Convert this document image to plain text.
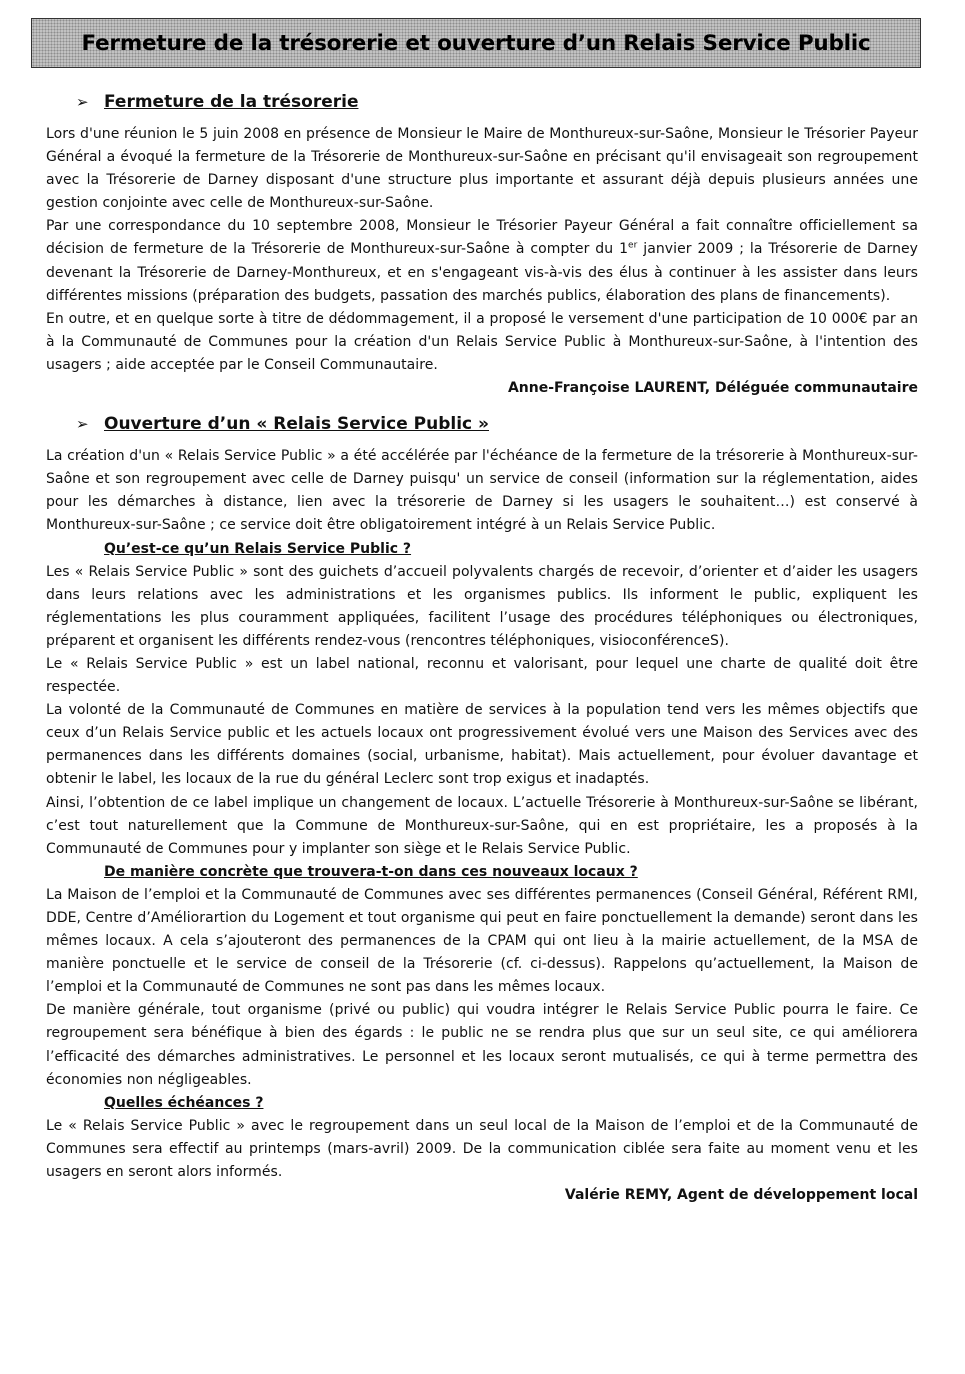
Fermeture de la trésorerie et ouverture d’un Relais Service Public
➢ Fermeture de la trésorerie

Lors d'une réunion le 5 juin 2008 en présence de Monsieur le Maire de Monthureux-sur-Saône, Monsieur le Trésorier Payeur Général a évoqué la fermeture de la Trésorerie de Monthureux-sur-Saône en précisant qu'il envisageait son regroupement avec la Trésorerie de Darney disposant d'une structure plus importante et assurant déjà depuis plusieurs années une gestion conjointe avec celle de Monthureux-sur-Saône.

Par une correspondance du 10 septembre 2008, Monsieur le Trésorier Payeur Général a fait connaître officiellement sa décision de fermeture de la Trésorerie de Monthureux-sur-Saône à compter du 1er janvier 2009 ; la Trésorerie de Darney devenant la Trésorerie de Darney-Monthureux, et en s'engageant vis-à-vis des élus à continuer à les assister dans leurs différentes missions (préparation des budgets, passation des marchés publics, élaboration des plans de financements).

En outre, et en quelque sorte à titre de dédommagement, il a proposé le versement d'une participation de 10 000€ par an à la Communauté de Communes pour la création d'un Relais Service Public à Monthureux-sur-Saône, à l'intention des usagers ; aide acceptée par le Conseil Communautaire.

Anne-Françoise LAURENT, Déléguée communautaire

➢ Ouverture d’un « Relais Service Public »

La création d'un « Relais Service Public » a été accélérée par l'échéance de la fermeture de la trésorerie à Monthureux-sur-Saône et son regroupement avec celle de Darney puisqu' un service de conseil (information sur la réglementation, aides pour les démarches à distance, lien avec la trésorerie de Darney si les usagers le souhaitent…) est conservé à Monthureux-sur-Saône ; ce service doit être obligatoirement intégré à un Relais Service Public.

Qu’est-ce qu’un Relais Service Public ?

Les « Relais Service Public » sont des guichets d’accueil polyvalents chargés de recevoir, d’orienter et d’aider les usagers dans leurs relations avec les administrations et les organismes publics. Ils informent le public, expliquent les réglementations les plus couramment appliquées, facilitent l’usage des procédures téléphoniques ou électroniques, préparent et organisent les différents rendez-vous (rencontres téléphoniques, visioconférenceS).

Le « Relais Service Public » est un label national, reconnu et valorisant, pour lequel une charte de qualité doit être respectée.

La volonté de la Communauté de Communes en matière de services à la population tend vers les mêmes objectifs que ceux d’un Relais Service public et les actuels locaux ont progressivement évolué vers une Maison des Services avec des permanences dans les différents domaines (social, urbanisme, habitat). Mais actuellement, pour évoluer davantage et obtenir le label, les locaux de la rue du général Leclerc sont trop exigus et inadaptés.

Ainsi, l’obtention de ce label implique un changement de locaux. L’actuelle Trésorerie à Monthureux-sur-Saône se libérant, c’est tout naturellement que la Commune de Monthureux-sur-Saône, qui en est propriétaire, les a proposés à la Communauté de Communes pour y implanter son siège et le Relais Service Public.

De manière concrète que trouvera-t-on dans ces nouveaux locaux ?

La Maison de l’emploi et la Communauté de Communes avec ses différentes permanences (Conseil Général, Référent RMI, DDE, Centre d’Améliorartion du Logement et tout organisme qui peut en faire ponctuellement la demande) seront dans les mêmes locaux. A cela s’ajouteront des permanences de la CPAM qui ont lieu à la mairie actuellement, de la MSA de manière ponctuelle et le service de conseil de la Trésorerie (cf. ci-dessus). Rappelons qu’actuellement, la Maison de l’emploi et la Communauté de Communes ne sont pas dans les mêmes locaux.

De manière générale, tout organisme (privé ou public) qui voudra intégrer le Relais Service Public pourra le faire. Ce regroupement sera bénéfique à bien des égards : le public ne se rendra plus que sur un seul site, ce qui améliorera l’efficacité des démarches administratives. Le personnel et les locaux seront mutualisés, ce qui à terme permettra des économies non négligeables.

Quelles échéances ?

Le « Relais Service Public » avec le regroupement dans un seul local de la Maison de l’emploi et de la Communauté de Communes sera effectif au printemps (mars-avril) 2009. De la communication ciblée sera faite au moment venu et les usagers en seront alors informés.

Valérie REMY, Agent de développement local
